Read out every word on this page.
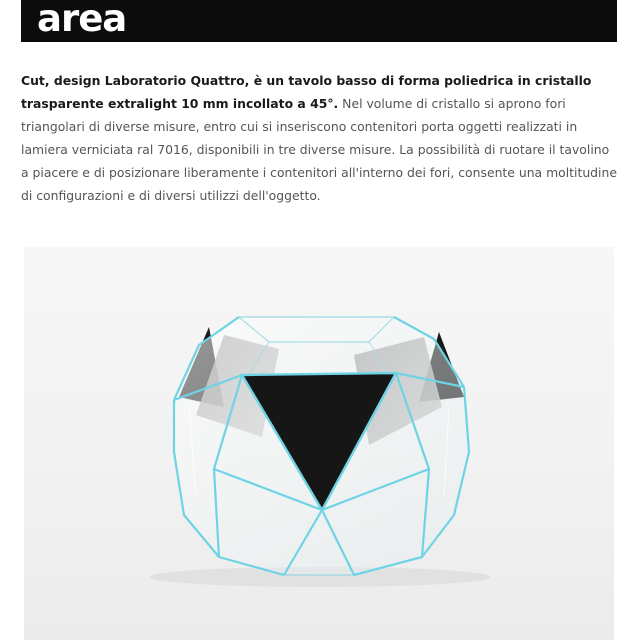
area

Cut, design Laboratorio Quattro, è un tavolo basso di forma poliedrica in cristallo trasparente extralight 10 mm incollato a 45°. Nel volume di cristallo si aprono fori triangolari di diverse misure, entro cui si inseriscono contenitori porta oggetti realizzati in lamiera verniciata ral 7016, disponibili in tre diverse misure. La possibilità di ruotare il tavolino a piacere e di posizionare liberamente i contenitori all'interno dei fori, consente una moltitudine di configurazioni e di diversi utilizzi dell'oggetto.
